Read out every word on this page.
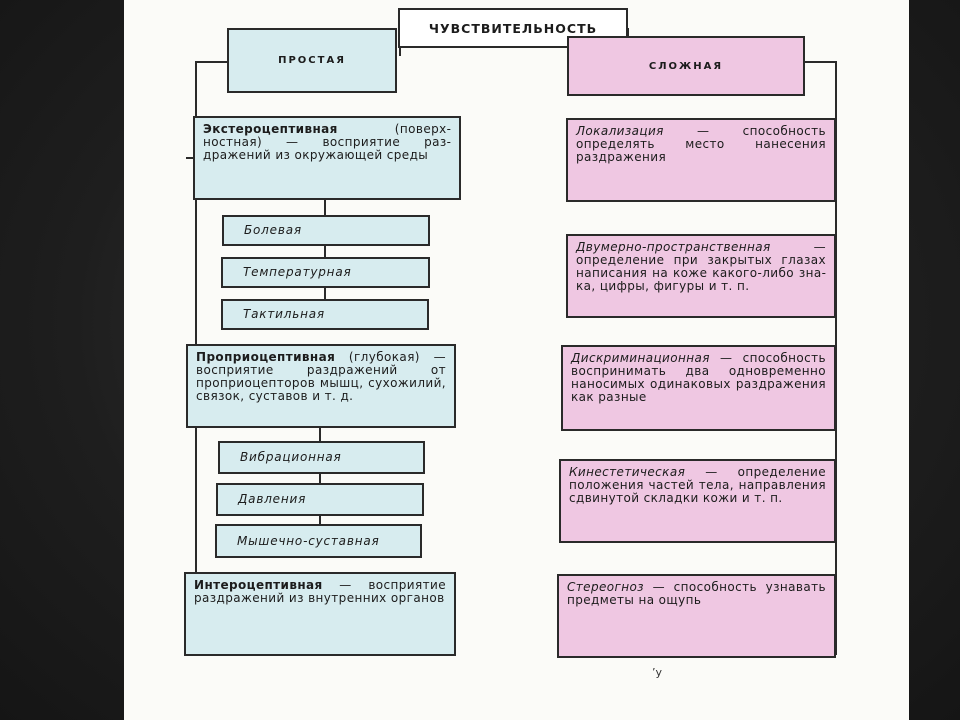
ЧУВСТВИТЕЛЬНОСТЬ
ПРОСТАЯ	СЛОЖНАЯ
Экстероцептивная (поверхностная) — восприятие раздражений из окружающей среды
Болевая
Температурная
Тактильная
Проприоцептивная (глубокая) — восприятие раздражений от проприоцепторов мышц, сухожилий, связок, суставов и т. д.
Вибрационная
Давления
Мышечно-суставная
Интероцептивная — восприятие раздражений из внутренних органов
Локализация — способность определять место нанесения раздражения
Двумерно-пространственная — определение при закрытых глазах написания на коже какого-либо знака, цифры, фигуры и т. п.
Дискриминационная — способность воспринимать два одновременно наносимых одинаковых раздражения как разные
Кинестетическая — определение положения частей тела, направления сдвинутой складки кожи и т. п.
Стереогноз — способность узнавать предметы на ощупь
ʼу
